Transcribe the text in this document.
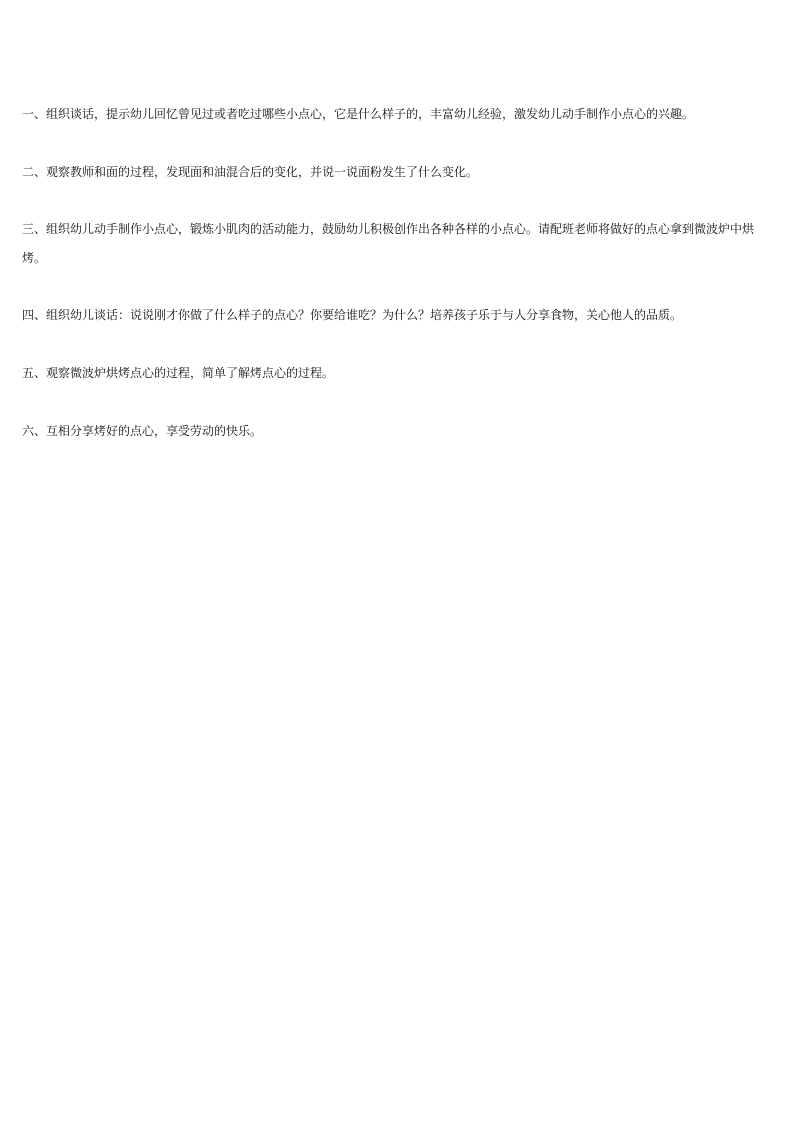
一、组织谈话，提示幼儿回忆曾见过或者吃过哪些小点心，它是什么样子的，丰富幼儿经验，激发幼儿动手制作小点心的兴趣。

二、观察教师和面的过程，发现面和油混合后的变化，并说一说面粉发生了什么变化。

三、组织幼儿动手制作小点心，锻炼小肌肉的活动能力，鼓励幼儿积极创作出各种各样的小点心。请配班老师将做好的点心拿到微波炉中烘烤。

四、组织幼儿谈话：说说刚才你做了什么样子的点心？你要给谁吃？为什么？培养孩子乐于与人分享食物，关心他人的品质。

五、观察微波炉烘烤点心的过程，简单了解烤点心的过程。

六、互相分享烤好的点心，享受劳动的快乐。
